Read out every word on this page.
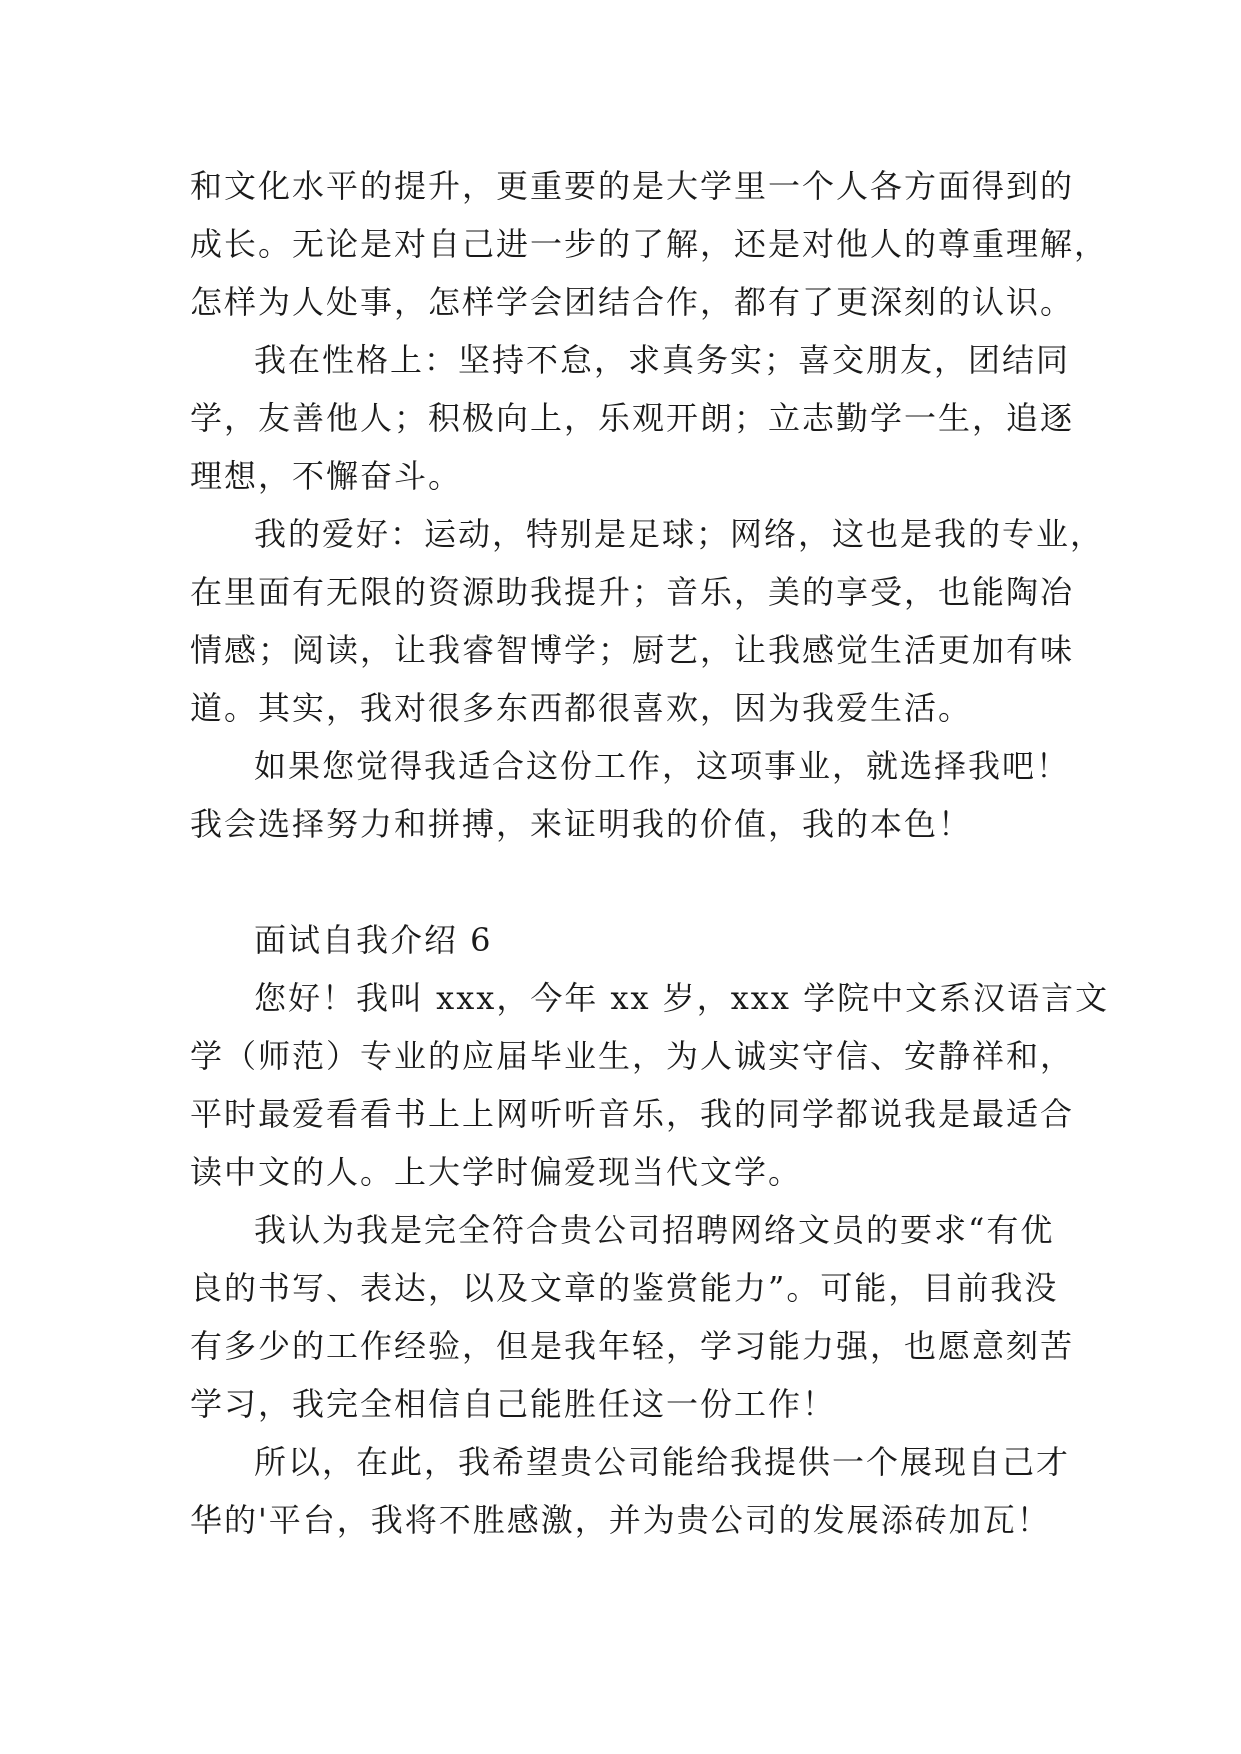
和文化水平的提升，更重要的是大学里一个人各方面得到的
成长。无论是对自己进一步的了解，还是对他人的尊重理解，
怎样为人处事，怎样学会团结合作，都有了更深刻的认识。
我在性格上：坚持不怠，求真务实；喜交朋友，团结同
学，友善他人；积极向上，乐观开朗；立志勤学一生，追逐
理想，不懈奋斗。
我的爱好：运动，特别是足球；网络，这也是我的专业，
在里面有无限的资源助我提升；音乐，美的享受，也能陶冶
情感；阅读，让我睿智博学；厨艺，让我感觉生活更加有味
道。其实，我对很多东西都很喜欢，因为我爱生活。
如果您觉得我适合这份工作，这项事业，就选择我吧！
我会选择努力和拼搏，来证明我的价值，我的本色！
面试自我介绍 6
您好！我叫 xxx，今年 xx 岁，xxx 学院中文系汉语言文
学（师范）专业的应届毕业生，为人诚实守信、安静祥和，
平时最爱看看书上上网听听音乐，我的同学都说我是最适合
读中文的人。上大学时偏爱现当代文学。
我认为我是完全符合贵公司招聘网络文员的要求“有优
良的书写、表达，以及文章的鉴赏能力”。可能，目前我没
有多少的工作经验，但是我年轻，学习能力强，也愿意刻苦
学习，我完全相信自己能胜任这一份工作！
所以，在此，我希望贵公司能给我提供一个展现自己才
华的'平台，我将不胜感激，并为贵公司的发展添砖加瓦！
